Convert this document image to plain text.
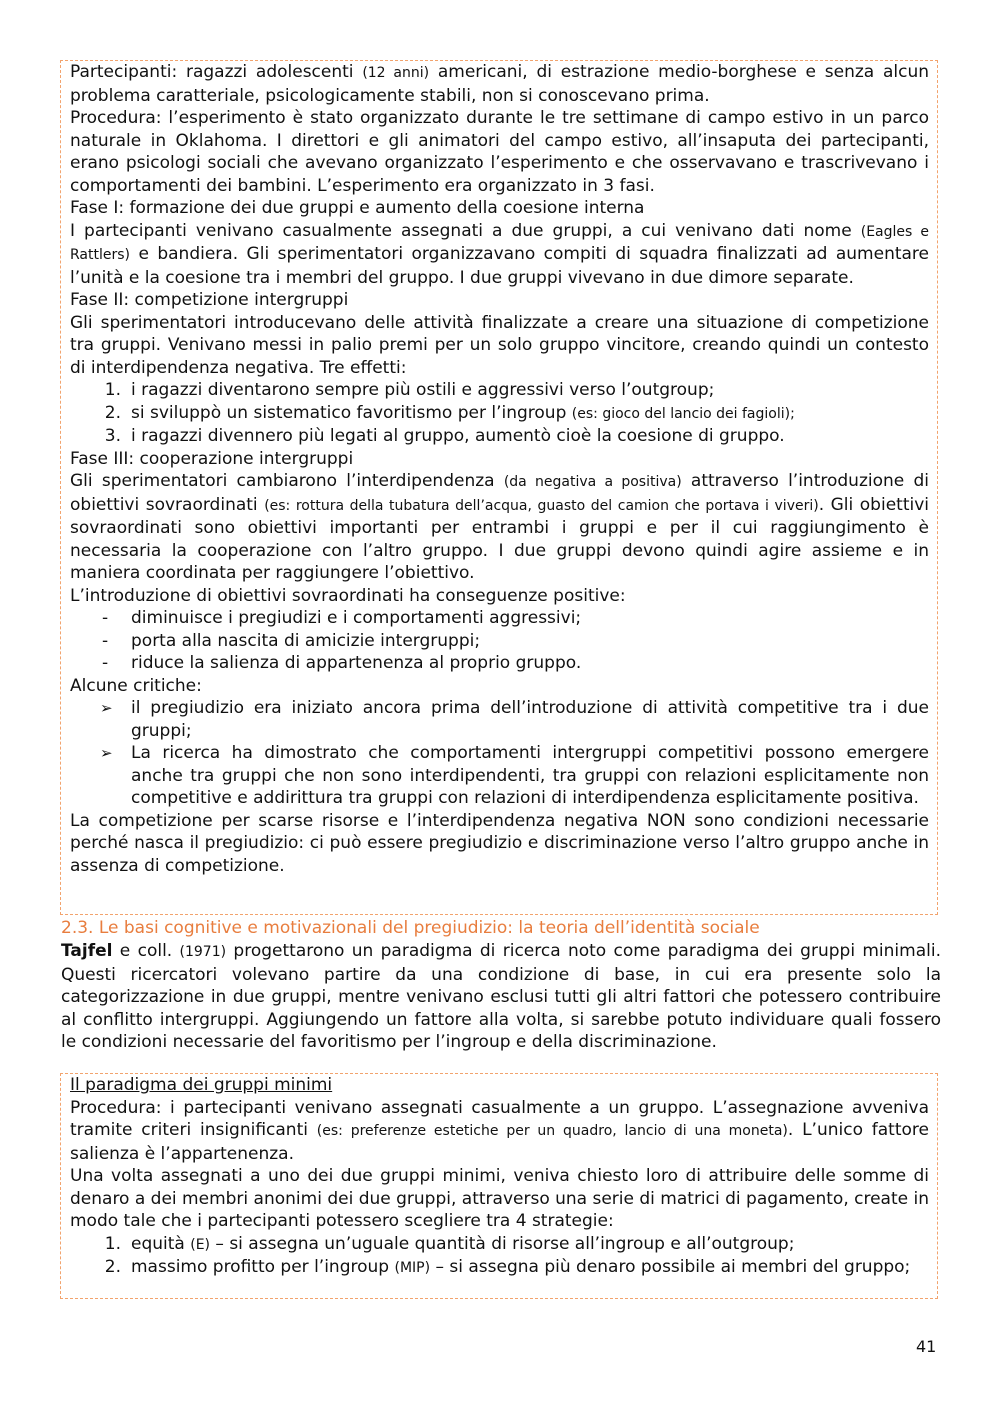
Partecipanti: ragazzi adolescenti (12 anni) americani, di estrazione medio-borghese e senza alcun problema caratteriale, psicologicamente stabili, non si conoscevano prima.

Procedura: l’esperimento è stato organizzato durante le tre settimane di campo estivo in un parco naturale in Oklahoma. I direttori e gli animatori del campo estivo, all’insaputa dei partecipanti, erano psicologi sociali che avevano organizzato l’esperimento e che osservavano e trascrivevano i comportamenti dei bambini. L’esperimento era organizzato in 3 fasi.

Fase I: formazione dei due gruppi e aumento della coesione interna

I partecipanti venivano casualmente assegnati a due gruppi, a cui venivano dati nome (Eagles e Rattlers) e bandiera. Gli sperimentatori organizzavano compiti di squadra finalizzati ad aumentare l’unità e la coesione tra i membri del gruppo. I due gruppi vivevano in due dimore separate.

Fase II: competizione intergruppi

Gli sperimentatori introducevano delle attività finalizzate a creare una situazione di competizione tra gruppi. Venivano messi in palio premi per un solo gruppo vincitore, creando quindi un contesto di interdipendenza negativa. Tre effetti:

1. i ragazzi diventarono sempre più ostili e aggressivi verso l’outgroup;
2. si sviluppò un sistematico favoritismo per l’ingroup (es: gioco del lancio dei fagioli);
3. i ragazzi divennero più legati al gruppo, aumentò cioè la coesione di gruppo.

Fase III: cooperazione intergruppi

Gli sperimentatori cambiarono l’interdipendenza (da negativa a positiva) attraverso l’introduzione di obiettivi sovraordinati (es: rottura della tubatura dell’acqua, guasto del camion che portava i viveri). Gli obiettivi sovraordinati sono obiettivi importanti per entrambi i gruppi e per il cui raggiungimento è necessaria la cooperazione con l’altro gruppo. I due gruppi devono quindi agire assieme e in maniera coordinata per raggiungere l’obiettivo.

L’introduzione di obiettivi sovraordinati ha conseguenze positive:

-	diminuisce i pregiudizi e i comportamenti aggressivi;
-	porta alla nascita di amicizie intergruppi;
-	riduce la salienza di appartenenza al proprio gruppo.

Alcune critiche:

➢	il pregiudizio era iniziato ancora prima dell’introduzione di attività competitive tra i due gruppi;
➢	La ricerca ha dimostrato che comportamenti intergruppi competitivi possono emergere anche tra gruppi che non sono interdipendenti, tra gruppi con relazioni esplicitamente non competitive e addirittura tra gruppi con relazioni di interdipendenza esplicitamente positiva.

La competizione per scarse risorse e l’interdipendenza negativa NON sono condizioni necessarie perché nasca il pregiudizio: ci può essere pregiudizio e discriminazione verso l’altro gruppo anche in assenza di competizione.

2.3. Le basi cognitive e motivazionali del pregiudizio: la teoria dell’identità sociale

Tajfel e coll. (1971) progettarono un paradigma di ricerca noto come paradigma dei gruppi minimali. Questi ricercatori volevano partire da una condizione di base, in cui era presente solo la categorizzazione in due gruppi, mentre venivano esclusi tutti gli altri fattori che potessero contribuire al conflitto intergruppi. Aggiungendo un fattore alla volta, si sarebbe potuto individuare quali fossero le condizioni necessarie del favoritismo per l’ingroup e della discriminazione.

Il paradigma dei gruppi minimi

Procedura: i partecipanti venivano assegnati casualmente a un gruppo. L’assegnazione avveniva tramite criteri insignificanti (es: preferenze estetiche per un quadro, lancio di una moneta). L’unico fattore salienza è l’appartenenza.

Una volta assegnati a uno dei due gruppi minimi, veniva chiesto loro di attribuire delle somme di denaro a dei membri anonimi dei due gruppi, attraverso una serie di matrici di pagamento, create in modo tale che i partecipanti potessero scegliere tra 4 strategie:

1. equità (E) – si assegna un’uguale quantità di risorse all’ingroup e all’outgroup;
2. massimo profitto per l’ingroup (MIP) – si assegna più denaro possibile ai membri del gruppo;
41
